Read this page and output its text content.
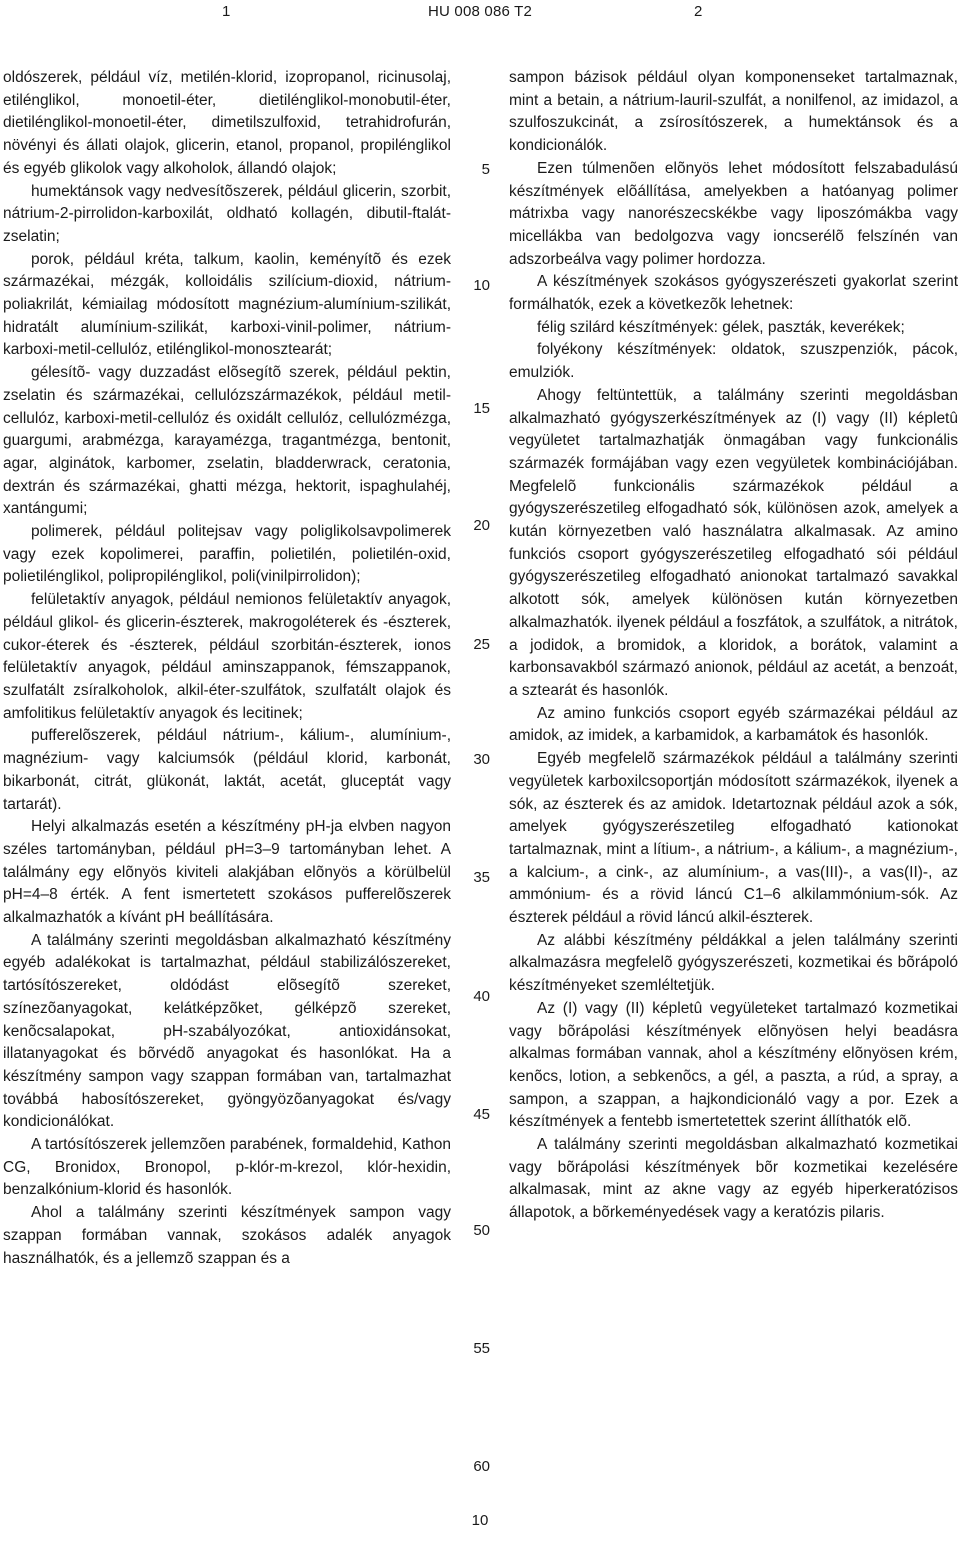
1	HU 008 086 T2	2

oldószerek, például víz, metilén-klorid, izopropanol, ricinusolaj, etilénglikol, monoetil-éter, dietilénglikol-monobutil-éter, dietilénglikol-monoetil-éter, dimetilszulfoxid, tetrahidrofurán, növényi és állati olajok, glicerin, etanol, propanol, propilénglikol és egyéb glikolok vagy alkoholok, állandó olajok;

humektánsok vagy nedvesítõszerek, például glicerin, szorbit, nátrium-2-pirrolidon-karboxilát, oldható kollagén, dibutil-ftalát-zselatin;

porok, például kréta, talkum, kaolin, keményítõ és ezek származékai, mézgák, kolloidális szilícium-dioxid, nátrium-poliakrilát, kémiailag módosított magnézium-alumínium-szilikát, hidratált alumínium-szilikát, karboxi-vinil-polimer, nátrium-karboxi-metil-cellulóz, etilénglikol-monosztearát;

gélesítõ- vagy duzzadást elõsegítõ szerek, például pektin, zselatin és származékai, cellulózszármazékok, például metil-cellulóz, karboxi-metil-cellulóz és oxidált cellulóz, cellulózmézga, guargumi, arabmézga, karayamézga, tragantmézga, bentonit, agar, alginátok, karbomer, zselatin, bladderwrack, ceratonia, dextrán és származékai, ghatti mézga, hektorit, ispaghulahéj, xantángumi;

polimerek, például politejsav vagy poliglikolsavpolimerek vagy ezek kopolimerei, paraffin, polietilén, polietilén-oxid, polietilénglikol, polipropilénglikol, poli(vinilpirrolidon);

felületaktív anyagok, például nemionos felületaktív anyagok, például glikol- és glicerin-észterek, makrogoléterek és -észterek, cukor-éterek és -észterek, például szorbitán-észterek, ionos felületaktív anyagok, például aminszappanok, fémszappanok, szulfatált zsíralkoholok, alkil-éter-szulfátok, szulfatált olajok és amfolitikus felületaktív anyagok és lecitinek;

pufferelõszerek, például nátrium-, kálium-, alumínium-, magnézium- vagy kalciumsók (például klorid, karbonát, bikarbonát, citrát, glükonát, laktát, acetát, gluceptát vagy tartarát).

Helyi alkalmazás esetén a készítmény pH-ja elvben nagyon széles tartományban, például pH=3–9 tartományban lehet. A találmány egy elõnyös kiviteli alakjában elõnyös a körülbelül pH=4–8 érték. A fent ismertetett szokásos pufferelõszerek alkalmazhatók a kívánt pH beállítására.

A találmány szerinti megoldásban alkalmazható készítmény egyéb adalékokat is tartalmazhat, például stabilizálószereket, tartósítószereket, oldódást elõsegítõ szereket, színezõanyagokat, kelátképzõket, gélképzõ szereket, kenõcsalapokat, pH-szabályozókat, antioxidánsokat, illatanyagokat és bõrvédõ anyagokat és hasonlókat. Ha a készítmény sampon vagy szappan formában van, tartalmazhat továbbá habosítószereket, gyöngyözõanyagokat és/vagy kondicionálókat.

A tartósítószerek jellemzõen parabének, formaldehid, Kathon CG, Bronidox, Bronopol, p-klór-m-krezol, klór-hexidin, benzalkónium-klorid és hasonlók.

Ahol a találmány szerinti készítmények sampon vagy szappan formában vannak, szokásos adalék anyagok használhatók, és a jellemzõ szappan és a

sampon bázisok például olyan komponenseket tartalmaznak, mint a betain, a nátrium-lauril-szulfát, a nonilfenol, az imidazol, a szulfoszukcinát, a zsírosítószerek, a humektánsok és a kondicionálók.

Ezen túlmenõen elõnyös lehet módosított felszabadulású készítmények elõállítása, amelyekben a hatóanyag polimer mátrixba vagy nanorészecskékbe vagy liposzómákba vagy micellákba van bedolgozva vagy ioncserélõ felszínén van adszorbeálva vagy polimer hordozza.

A készítmények szokásos gyógyszerészeti gyakorlat szerint formálhatók, ezek a következõk lehetnek:

félig szilárd készítmények: gélek, paszták, keverékek;

folyékony készítmények: oldatok, szuszpenziók, pácok, emulziók.

Ahogy feltüntettük, a találmány szerinti megoldásban alkalmazható gyógyszerkészítmények az (I) vagy (II) képletû vegyületet tartalmazhatják önmagában vagy funkcionális származék formájában vagy ezen vegyületek kombinációjában. Megfelelõ funkcionális származékok például a gyógyszerészetileg elfogadható sók, különösen azok, amelyek a kután környezetben való használatra alkalmasak. Az amino funkciós csoport gyógyszerészetileg elfogadható sói például gyógyszerészetileg elfogadható anionokat tartalmazó savakkal alkotott sók, amelyek különösen kután környezetben alkalmazhatók. ilyenek például a foszfátok, a szulfátok, a nitrátok, a jodidok, a bromidok, a kloridok, a borátok, valamint a karbonsavakból származó anionok, például az acetát, a benzoát, a sztearát és hasonlók.

Az amino funkciós csoport egyéb származékai például az amidok, az imidek, a karbamidok, a karbamátok és hasonlók.

Egyéb megfelelõ származékok például a találmány szerinti vegyületek karboxilcsoportján módosított származékok, ilyenek a sók, az észterek és az amidok. Idetartoznak például azok a sók, amelyek gyógyszerészetileg elfogadható kationokat tartalmaznak, mint a lítium-, a nátrium-, a kálium-, a magnézium-, a kalcium-, a cink-, az alumínium-, a vas(III)-, a vas(II)-, az ammónium- és a rövid láncú C1–6 alkilammónium-sók. Az észterek például a rövid láncú alkil-észterek.

Az alábbi készítmény példákkal a jelen találmány szerinti alkalmazásra megfelelõ gyógyszerészeti, kozmetikai és bõrápoló készítményeket szemléltetjük.

Az (I) vagy (II) képletû vegyületeket tartalmazó kozmetikai vagy bõrápolási készítmények elõnyösen helyi beadásra alkalmas formában vannak, ahol a készítmény elõnyösen krém, kenõcs, lotion, a sebkenõcs, a gél, a paszta, a rúd, a spray, a sampon, a szappan, a hajkondicionáló vagy a por. Ezek a készítmények a fentebb ismertetettek szerint állíthatók elõ.

A találmány szerinti megoldásban alkalmazható kozmetikai vagy bõrápolási készítmények bõr kozmetikai kezelésére alkalmasak, mint az akne vagy az egyéb hiperkeratózisos állapotok, a bõrkeményedések vagy a keratózis pilaris.

5
10
15
20
25
30
35
40
45
50
55
60
10
